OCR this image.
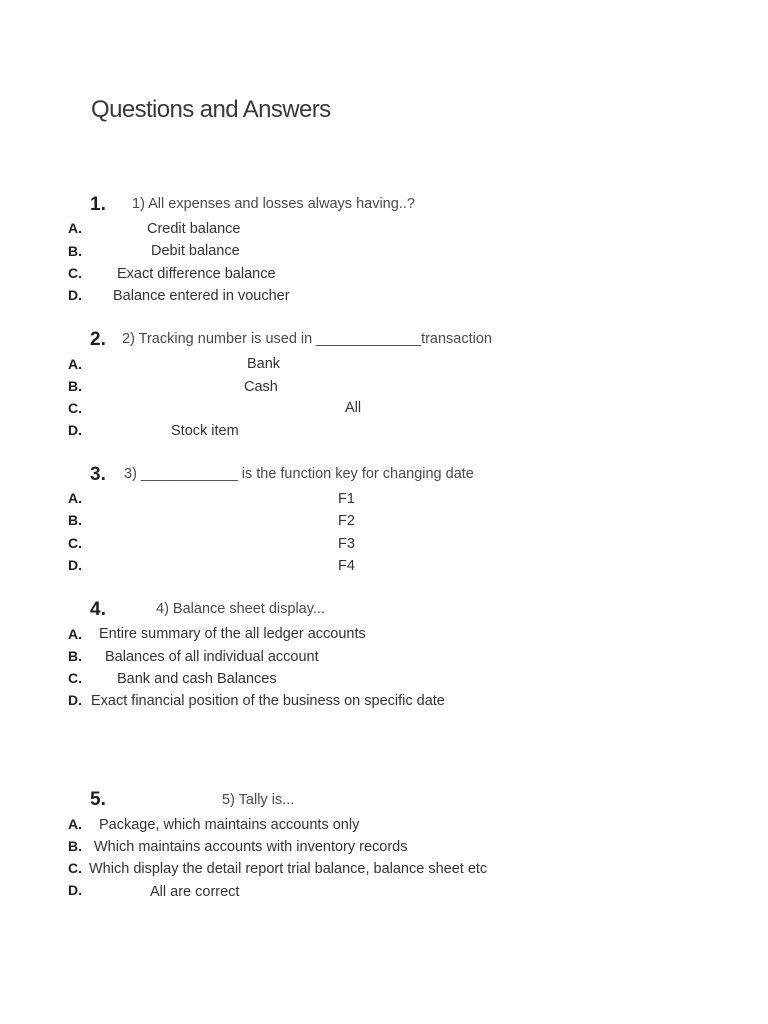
Questions and Answers
1. 1) All expenses and losses always having..?
A.	Credit balance
B.	Debit balance
C. Exact difference balance
D. Balance entered in voucher
2. 2) Tracking number is used in _____________transaction
A.	Bank
B.	Cash
C.	All
D.	Stock item
3. 3) ____________ is the function key for changing date
A.	F1
B.	F2
C.	F3
D.	F4
4.	4) Balance sheet display...
A. Entire summary of the all ledger accounts
B. Balances of all individual account
C. Bank and cash Balances
D. Exact financial position of the business on specific date
5.	5) Tally is...
A. Package, which maintains accounts only
B. Which maintains accounts with inventory records
C. Which display the detail report trial balance, balance sheet etc
D.	All are correct
